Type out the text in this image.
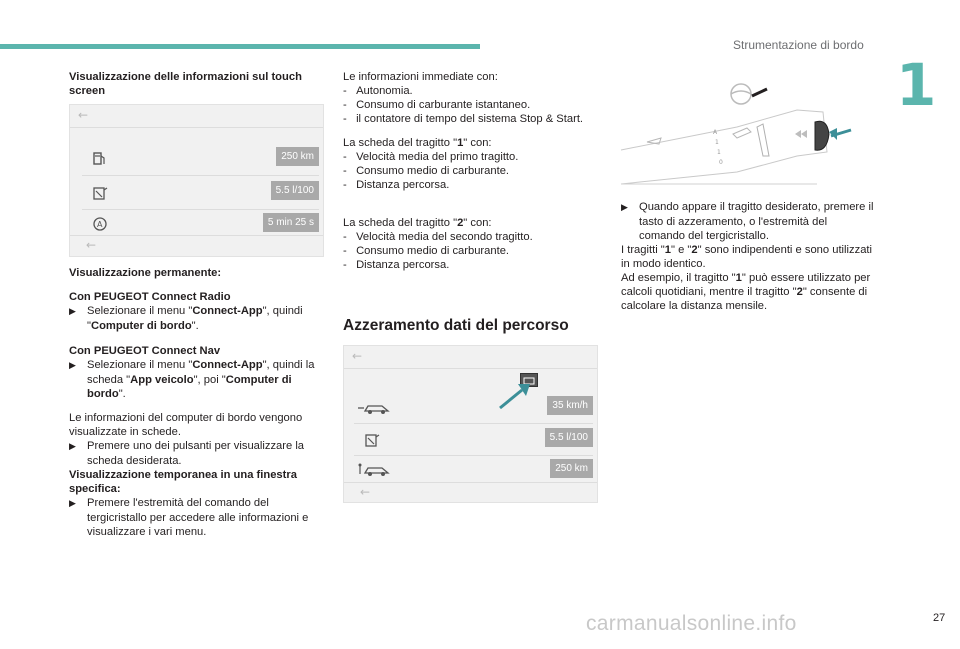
Strumentazione di bordo
1

Visualizzazione delle informazioni sul touch screen

←
250 km
5.5 l/100
A	5 min 25 s
←

Visualizzazione permanente:

Con PEUGEOT Connect Radio

▶ Selezionare il menu "Connect-App", quindi "Computer di bordo".

Con PEUGEOT Connect Nav

▶ Selezionare il menu "Connect-App", quindi la scheda "App veicolo", poi "Computer di bordo".

Le informazioni del computer di bordo vengono visualizzate in schede.

▶ Premere uno dei pulsanti per visualizzare la scheda desiderata.

Visualizzazione temporanea in una finestra specifica:

▶ Premere l'estremità del comando del tergicristallo per accedere alle informazioni e visualizzare i vari menu.

Le informazioni immediate con:

-   Autonomia.

-   Consumo di carburante istantaneo.

-   il contatore di tempo del sistema Stop & Start.

La scheda del tragitto "1" con:

-   Velocità media del primo tragitto.

-   Consumo medio di carburante.

-   Distanza percorsa.

La scheda del tragitto "2" con:

-   Velocità media del secondo tragitto.

-   Consumo medio di carburante.

-   Distanza percorsa.

Azzeramento dati del percorso
←
35 km/h
5.5 l/100
250 km
←
A
1
1
0

▶ Quando appare il tragitto desiderato, premere il tasto di azzeramento, o l'estremità del comando del tergicristallo.

I tragitti "1" e "2" sono indipendenti e sono utilizzati in modo identico.

Ad esempio, il tragitto "1" può essere utilizzato per calcoli quotidiani, mentre il tragitto "2" consente di calcolare la distanza mensile.

27
carmanualsonline.info
